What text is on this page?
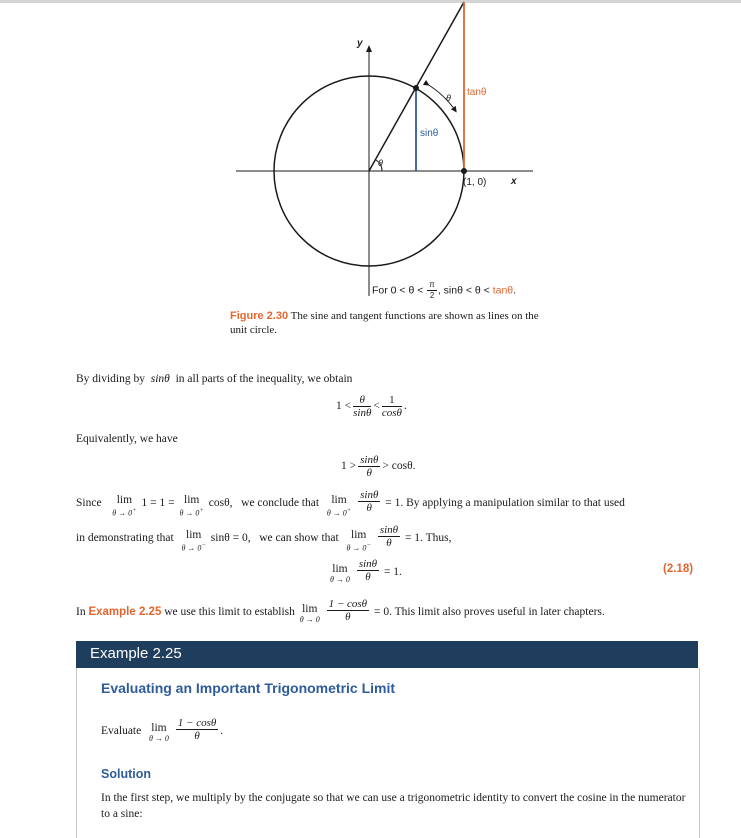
y
x
θ
θ
sinθ
tanθ
(1, 0)
For $0 < \theta < \frac{\pi}{2}$ , sinθ < θ < tanθ.
Figure 2.30 The sine and tangent functions are shown as lines on the unit circle.
By dividing by sinθ in all parts of the inequality, we obtain
$1 < \frac{\theta}{\sin\theta} < \frac{1}{\cos\theta}$ .
Equivalently, we have
$1 > \frac{\sin\theta}{\theta} > \cos\theta$.
Since	lim
θ → 0+
1 = 1 = lim
θ → 0+
cosθ, we conclude that	lim
θ → 0+
$\frac{\sin\theta}{\theta} = 1$. By applying a manipulation similar to that used
in demonstrating that	lim
θ → 0−
sinθ = 0, we can show that	lim
θ → 0−
$\frac{\sin\theta}{\theta} = 1$. Thus,
lim
θ → 0
$\frac{\sin\theta}{\theta} = 1$.	(2.18)
In Example 2.25 we use this limit to establish lim
θ → 0
$\frac{1 - \cos\theta}{\theta} = 0$. This limit also proves useful in later chapters.
Example 2.25
Evaluating an Important Trigonometric Limit
Evaluate lim
θ → 0
$\frac{1 - \cos\theta}{\theta}$ .
Solution
In the first step, we multiply by the conjugate so that we can use a trigonometric identity to convert the cosine in the numerator to a sine:
